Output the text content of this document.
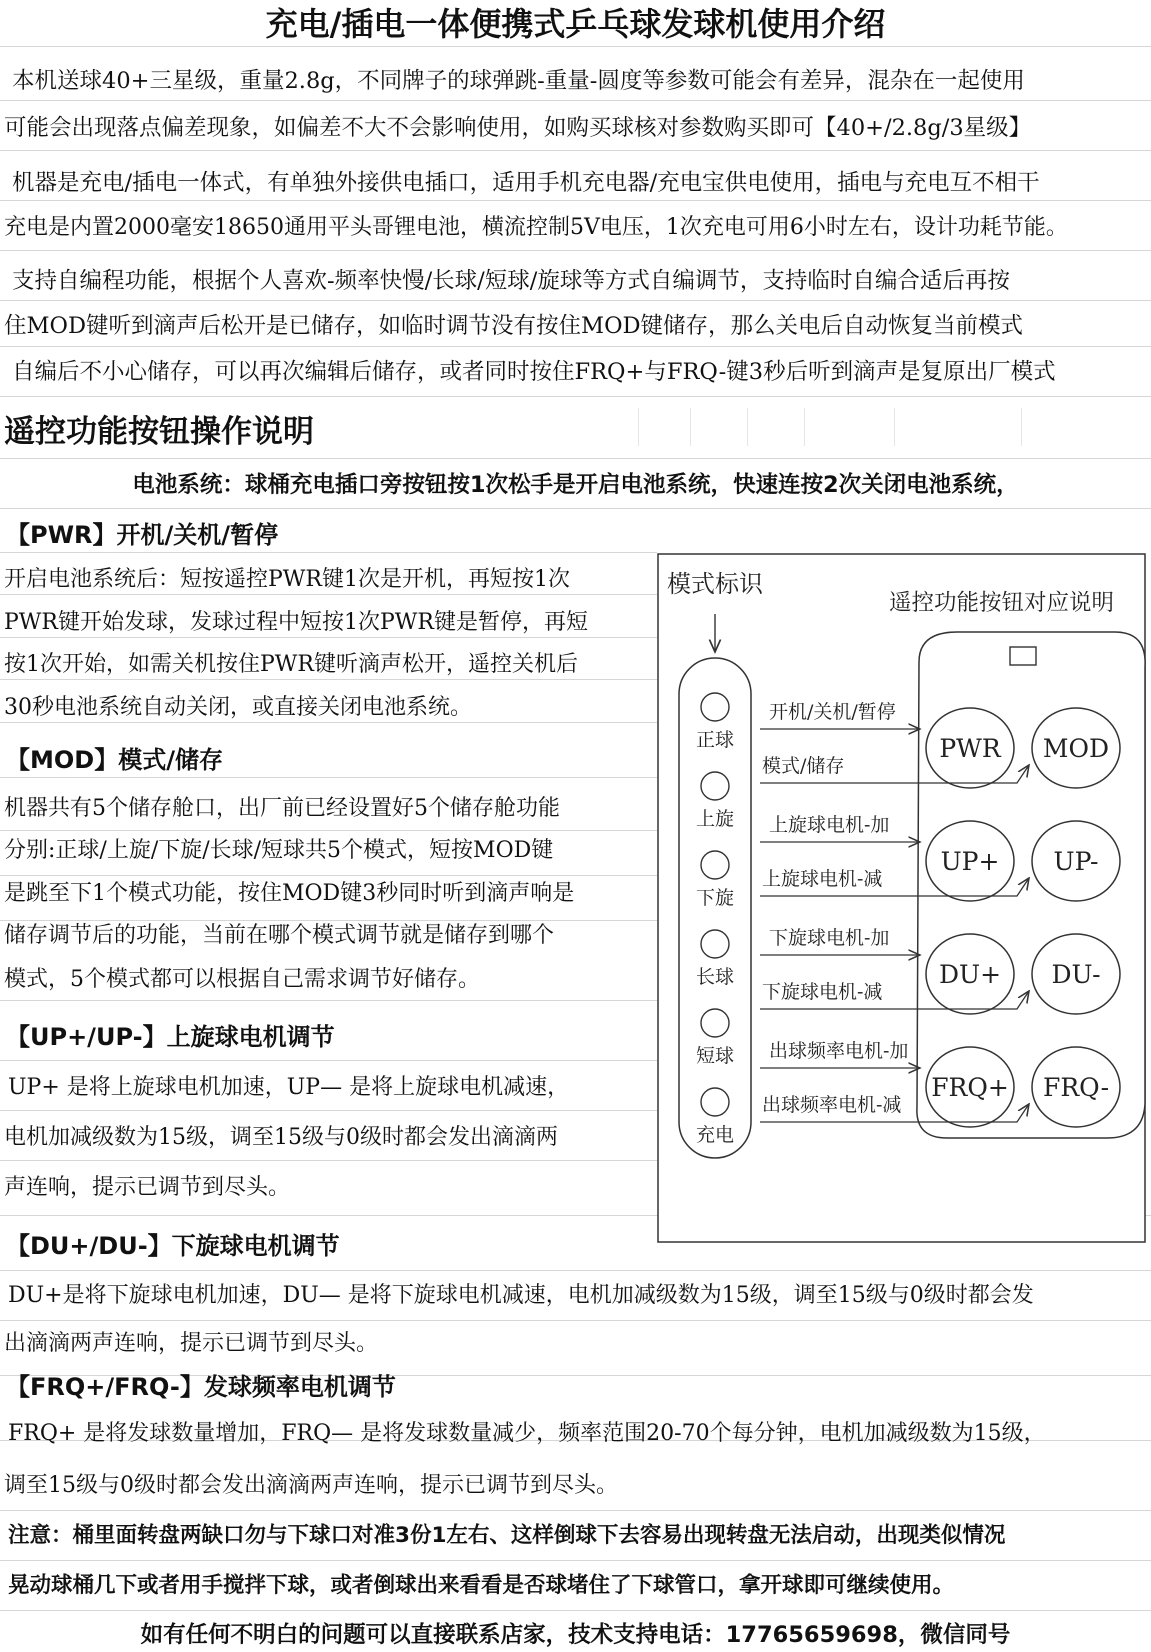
充电/插电一体便携式乒乓球发球机使用介绍
本机送球40+三星级，重量2.8g，不同牌子的球弹跳-重量-圆度等参数可能会有差异，混杂在一起使用
可能会出现落点偏差现象，如偏差不大不会影响使用，如购买球核对参数购买即可【40+/2.8g/3星级】
机器是充电/插电一体式，有单独外接供电插口，适用手机充电器/充电宝供电使用，插电与充电互不相干
充电是内置2000毫安18650通用平头哥锂电池，横流控制5V电压，1次充电可用6小时左右，设计功耗节能。
支持自编程功能，根据个人喜欢-频率快慢/长球/短球/旋球等方式自编调节，支持临时自编合适后再按
住MOD键听到滴声后松开是已储存，如临时调节没有按住MOD键储存，那么关电后自动恢复当前模式
自编后不小心储存，可以再次编辑后储存，或者同时按住FRQ+与FRQ-键3秒后听到滴声是复原出厂模式
遥控功能按钮操作说明
电池系统：球桶充电插口旁按钮按1次松手是开启电池系统，快速连按2次关闭电池系统，
【PWR】开机/关机/暂停
开启电池系统后：短按遥控PWR键1次是开机，再短按1次
PWR键开始发球，发球过程中短按1次PWR键是暂停，再短
按1次开始，如需关机按住PWR键听滴声松开，遥控关机后
30秒电池系统自动关闭，或直接关闭电池系统。
【MOD】模式/储存
机器共有5个储存舱口，出厂前已经设置好5个储存舱功能
分别:正球/上旋/下旋/长球/短球共5个模式，短按MOD键
是跳至下1个模式功能，按住MOD键3秒同时听到滴声响是
储存调节后的功能，当前在哪个模式调节就是储存到哪个
模式，5个模式都可以根据自己需求调节好储存。
【UP+/UP-】上旋球电机调节
UP+ 是将上旋球电机加速，UP— 是将上旋球电机减速，
电机加减级数为15级，调至15级与0级时都会发出滴滴两
声连响，提示已调节到尽头。
【DU+/DU-】下旋球电机调节
DU+是将下旋球电机加速，DU— 是将下旋球电机减速，电机加减级数为15级，调至15级与0级时都会发
出滴滴两声连响，提示已调节到尽头。
【FRQ+/FRQ-】发球频率电机调节
FRQ+ 是将发球数量增加，FRQ— 是将发球数量减少，频率范围20-70个每分钟，电机加减级数为15级，
调至15级与0级时都会发出滴滴两声连响，提示已调节到尽头。
注意：桶里面转盘两缺口勿与下球口对准3份1左右、这样倒球下去容易出现转盘无法启动，出现类似情况
晃动球桶几下或者用手搅拌下球，或者倒球出来看看是否球堵住了下球管口，拿开球即可继续使用。
如有任何不明白的问题可以直接联系店家，技术支持电话：17765659698，微信同号
模式标识
遥控功能按钮对应说明
正球
上旋
下旋
长球
短球
充电
PWR MOD
UP+ UP-
DU+ DU-
FRQ+ FRQ-
开机/关机/暂停
模式/储存
上旋球电机-加
上旋球电机-减
下旋球电机-加
下旋球电机-减
出球频率电机-加
出球频率电机-减
